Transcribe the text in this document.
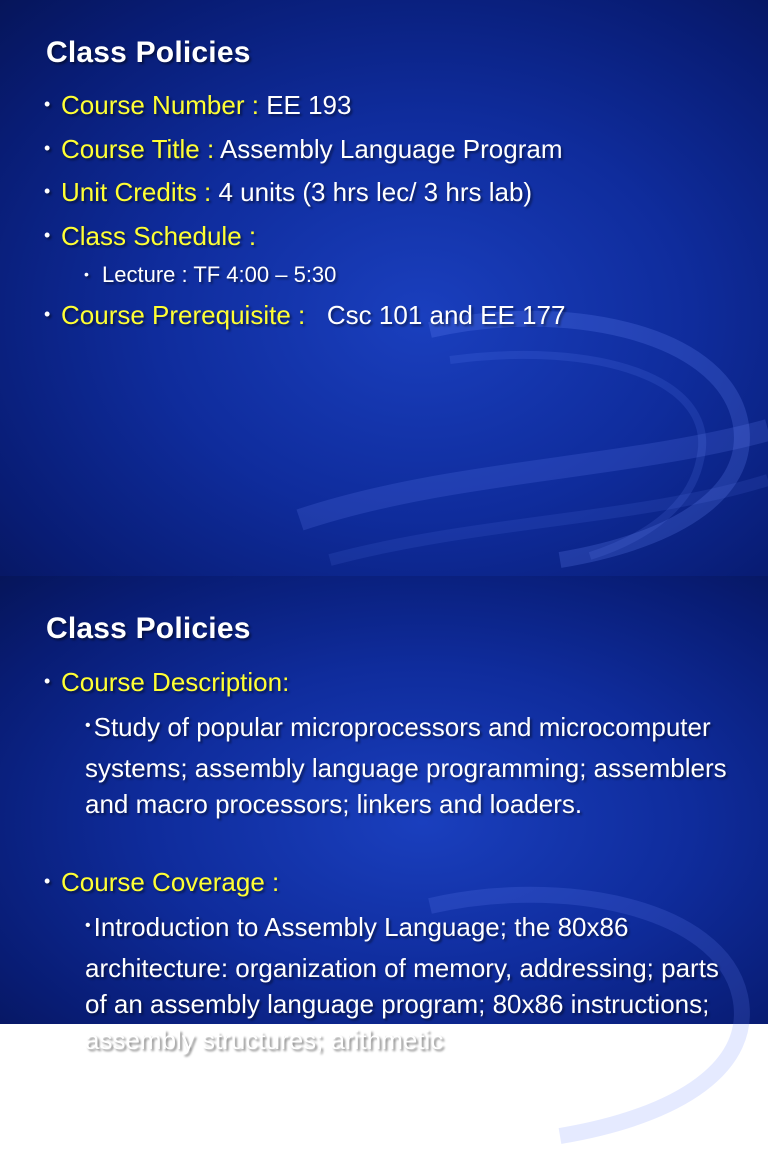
Class Policies
• Course Number : EE 193
• Course Title : Assembly Language Program
• Unit Credits : 4 units (3 hrs lec/ 3 hrs lab)
• Class Schedule :
• Lecture : TF 4:00 – 5:30
• Course Prerequisite :   Csc 101 and EE 177
Class Policies
• Course Description:
• Study of popular microprocessors and microcomputer systems; assembly language programming; assemblers and macro processors; linkers and loaders.
• Course Coverage :
• Introduction to Assembly Language; the 80x86 architecture: organization of memory, addressing; parts  of an assembly language program; 80x86 instructions; assembly structures; arithmetic
